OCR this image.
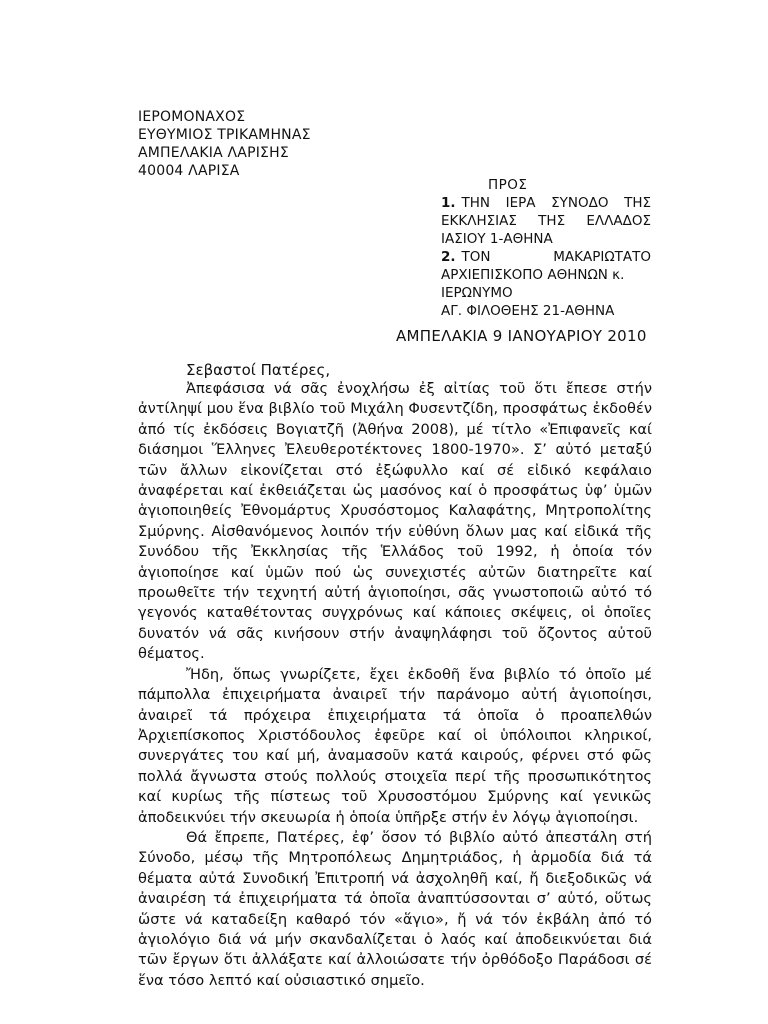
ΙΕΡΟΜΟΝΑΧΟΣ
ΕΥΘΥΜΙΟΣ ΤΡΙΚΑΜΗΝΑΣ
ΑΜΠΕΛΑΚΙΑ ΛΑΡΙΣΗΣ
40004 ΛΑΡΙΣΑ
ΠΡΟΣ
1. ΤΗΝ ΙΕΡΑ ΣΥΝΟΔΟ ΤΗΣ
ΕΚΚΛΗΣΙΑΣ ΤΗΣ ΕΛΛΑΔΟΣ
ΙΑΣΙΟΥ 1-ΑΘΗΝΑ
2. ΤΟΝ ΜΑΚΑΡΙΩΤΑΤΟ
ΑΡΧΙΕΠΙΣΚΟΠΟ ΑΘΗΝΩΝ κ.
ΙΕΡΩΝΥΜΟ
ΑΓ. ΦΙΛΟΘΕΗΣ 21-ΑΘΗΝΑ
ΑΜΠΕΛΑΚΙΑ 9 ΙΑΝΟΥΑΡΙΟΥ 2010
Σεβαστοί Πατέρες,

Ἀπεφάσισα νά σᾶς ἐνοχλήσω ἐξ αἰτίας τοῦ ὅτι ἔπεσε στήν ἀντίληψί μου ἕνα βιβλίο τοῦ Μιχάλη Φυσεντζίδη, προσφάτως ἐκδοθέν ἀπό τίς ἐκδόσεις Βογιατζῆ (Ἀθήνα 2008), μέ τίτλο «Ἐπιφανεῖς καί διάσημοι Ἕλληνες Ἐλευθεροτέκτονες 1800-1970». Σ’ αὐτό μεταξύ τῶν ἄλλων εἰκονίζεται στό ἐξώφυλλο καί σέ εἰδικό κεφάλαιο ἀναφέρεται καί ἐκθειάζεται ὡς μασόνος καί ὁ προσφάτως ὑφ’ ὑμῶν ἁγιοποιηθείς Ἐθνομάρτυς Χρυσόστομος Καλαφάτης, Μητροπολίτης Σμύρνης. Αἰσθανόμενος λοιπόν τήν εὐθύνη ὅλων μας καί εἰδικά τῆς Συνόδου τῆς Ἐκκλησίας τῆς Ἑλλάδος τοῦ 1992, ἡ ὁποία τόν ἁγιοποίησε καί ὑμῶν πού ὡς συνεχιστές αὐτῶν διατηρεῖτε καί προωθεῖτε τήν τεχνητή αὐτή ἁγιοποίησι, σᾶς γνωστοποιῶ αὐτό τό γεγονός καταθέτοντας συγχρόνως καί κάποιες σκέψεις, οἱ ὁποῖες δυνατόν νά σᾶς κινήσουν στήν ἀναψηλάφησι τοῦ ὄζοντος αὐτοῦ θέματος.

Ἤδη, ὅπως γνωρίζετε, ἔχει ἐκδοθῆ ἕνα βιβλίο τό ὁποῖο μέ πάμπολλα ἐπιχειρήματα ἀναιρεῖ τήν παράνομο αὐτή ἁγιοποίησι, ἀναιρεῖ τά πρόχειρα ἐπιχειρήματα τά ὁποῖα ὁ προαπελθών Ἀρχιεπίσκοπος Χριστόδουλος ἐφεῦρε καί οἱ ὑπόλοιποι κληρικοί, συνεργάτες του καί μή, ἀναμασοῦν κατά καιρούς, φέρνει στό φῶς πολλά ἄγνωστα στούς πολλούς στοιχεῖα περί τῆς προσωπικότητος καί κυρίως τῆς πίστεως τοῦ Χρυσοστόμου Σμύρνης καί γενικῶς ἀποδεικνύει τήν σκευωρία ἡ ὁποία ὑπῆρξε στήν ἐν λόγῳ ἁγιοποίησι.

Θά ἔπρεπε, Πατέρες, ἐφ’ ὅσον τό βιβλίο αὐτό ἀπεστάλη στή Σύνοδο, μέσῳ τῆς Μητροπόλεως Δημητριάδος, ἡ ἁρμοδία διά τά θέματα αὐτά Συνοδική Ἐπιτροπή νά ἀσχοληθῆ καί, ἤ διεξοδικῶς νά ἀναιρέση τά ἐπιχειρήματα τά ὁποῖα ἀναπτύσσονται σ’ αὐτό, οὕτως ὥστε νά καταδείξη καθαρό τόν «ἅγιο», ἤ νά τόν ἐκβάλη ἀπό τό ἁγιολόγιο διά νά μήν σκανδαλίζεται ὁ λαός καί ἀποδεικνύεται διά τῶν ἔργων ὅτι ἀλλάξατε καί ἀλλοιώσατε τήν ὀρθόδοξο Παράδοσι σέ ἕνα τόσο λεπτό καί οὐσιαστικό σημεῖο.
